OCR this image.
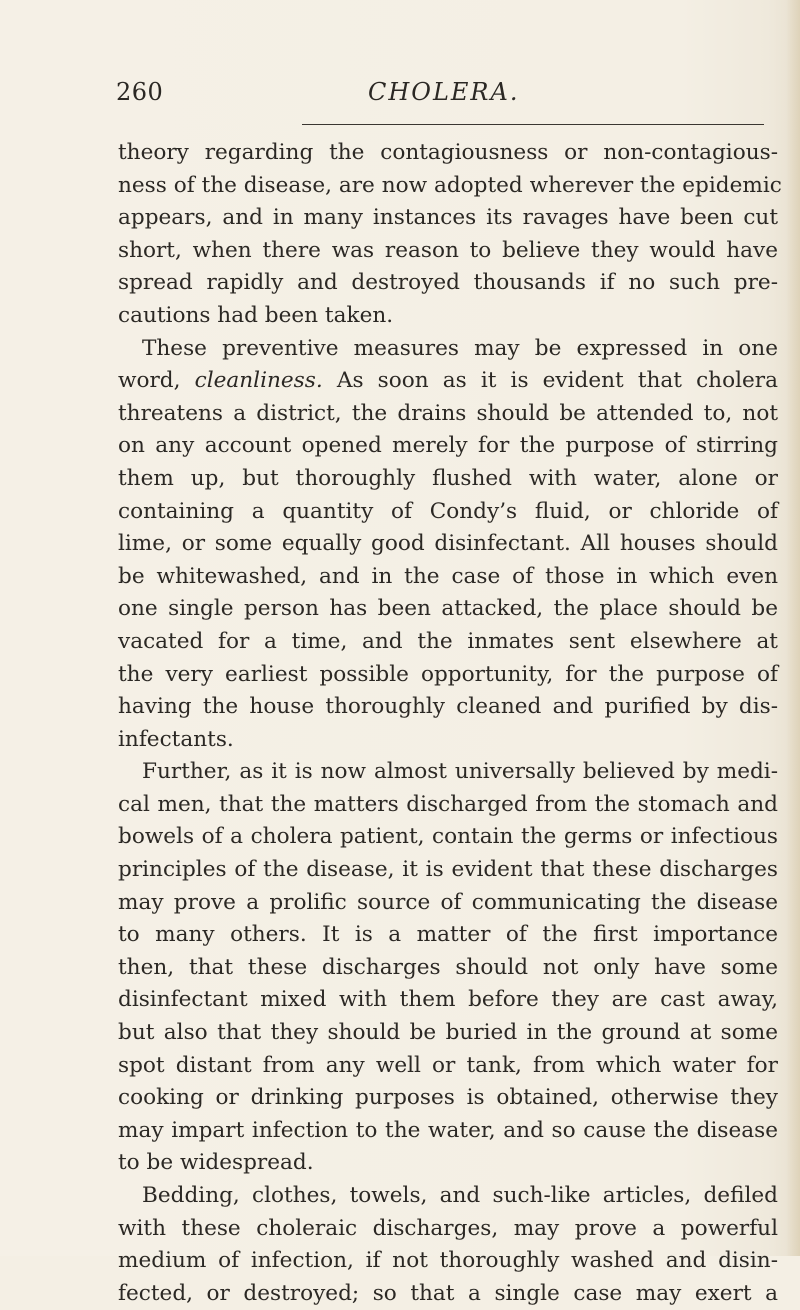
260	CHOLERA.
theory regarding the contagiousness or non-contagious-
ness of the disease, are now adopted wherever the epidemic
appears, and in many instances its ravages have been cut
short, when there was reason to believe they would have
spread rapidly and destroyed thousands if no such pre-
cautions had been taken.
These preventive measures may be expressed in one
word, cleanliness. As soon as it is evident that cholera
threatens a district, the drains should be attended to, not
on any account opened merely for the purpose of stirring
them up, but thoroughly flushed with water, alone or
containing a quantity of Condy’s fluid, or chloride of
lime, or some equally good disinfectant. All houses should
be whitewashed, and in the case of those in which even
one single person has been attacked, the place should be
vacated for a time, and the inmates sent elsewhere at
the very earliest possible opportunity, for the purpose of
having the house thoroughly cleaned and purified by dis-
infectants.
Further, as it is now almost universally believed by medi-
cal men, that the matters discharged from the stomach and
bowels of a cholera patient, contain the germs or infectious
principles of the disease, it is evident that these discharges
may prove a prolific source of communicating the disease
to many others. It is a matter of the first importance
then, that these discharges should not only have some
disinfectant mixed with them before they are cast away,
but also that they should be buried in the ground at some
spot distant from any well or tank, from which water for
cooking or drinking purposes is obtained, otherwise they
may impart infection to the water, and so cause the disease
to be widespread.
Bedding, clothes, towels, and such-like articles, defiled
with these choleraic discharges, may prove a powerful
medium of infection, if not thoroughly washed and disin-
fected, or destroyed; so that a single case may exert a
